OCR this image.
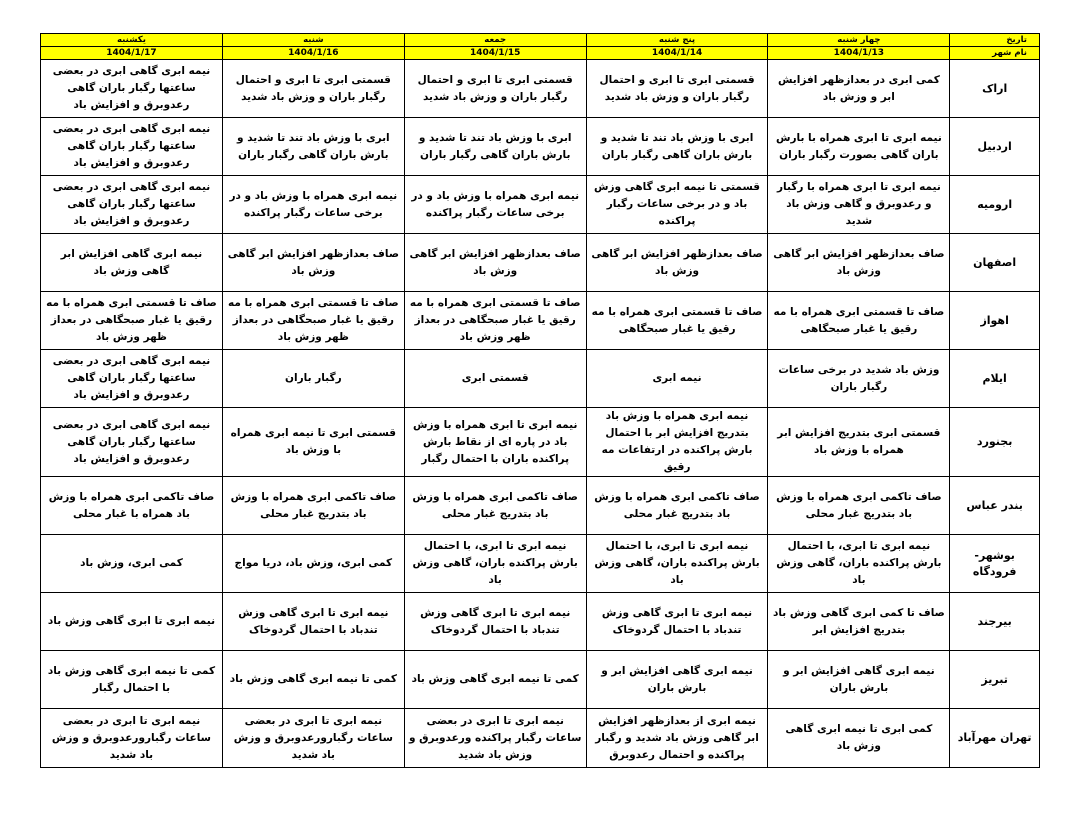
تاریخ	چهار شنبه	پنج شنبه	جمعه	شنبه	یکشنبه
نام شهر	1404/1/13	1404/1/14	1404/1/15	1404/1/16	1404/1/17
اراک	کمی ابری در بعدازظهر افزایش ابر و وزش باد	قسمتی ابری تا ابری و احتمال رگبار باران و وزش باد شدید	قسمتی ابری تا ابری و احتمال رگبار باران و وزش باد شدید	قسمتی ابری تا ابری و احتمال رگبار باران و وزش باد شدید	نیمه ابری گاهی ابری در بعضی ساعتها رگبار باران گاهی رعدوبرق و افزایش باد
اردبیل	نیمه ابری تا ابری همراه با بارش باران گاهی بصورت رگبار باران	ابری با وزش باد تند تا شدید و بارش باران گاهی رگبار باران	ابری با وزش باد تند تا شدید و بارش باران گاهی رگبار باران	ابری با وزش باد تند تا شدید و بارش باران گاهی رگبار باران	نیمه ابری گاهی ابری در بعضی ساعتها رگبار باران گاهی رعدوبرق و افزایش باد
ارومیه	نیمه ابری تا ابری همراه با رگبار و رعدوبرق و گاهی وزش باد شدید	قسمتی تا نیمه ابری گاهی وزش باد و در برخی ساعات رگبار پراکنده	نیمه ابری همراه با وزش باد و در برخی ساعات رگبار پراکنده	نیمه ابری همراه با وزش باد و در برخی ساعات رگبار پراکنده	نیمه ابری گاهی ابری در بعضی ساعتها رگبار باران گاهی رعدوبرق و افزایش باد
اصفهان	صاف بعدازظهر افزایش ابر گاهی وزش باد	صاف بعدازظهر افزایش ابر گاهی وزش باد	صاف بعدازظهر افزایش ابر گاهی وزش باد	صاف بعدازظهر افزایش ابر گاهی وزش باد	نیمه ابری گاهی افزایش ابر گاهی وزش باد
اهواز	صاف تا قسمتی ابری همراه با مه رقیق یا غبار صبحگاهی	صاف تا قسمتی ابری همراه با مه رقیق یا غبار صبحگاهی	صاف تا قسمتی ابری همراه با مه رقیق یا غبار صبحگاهی در بعداز ظهر وزش باد	صاف تا قسمتی ابری همراه با مه رقیق یا غبار صبحگاهی در بعداز ظهر وزش باد	صاف تا قسمتی ابری همراه با مه رقیق یا غبار صبحگاهی در بعداز ظهر وزش باد
ایلام	وزش باد شدید در برخی ساعات رگبار باران	نیمه ابری	قسمتی ابری	رگبار باران	نیمه ابری گاهی ابری در بعضی ساعتها رگبار باران گاهی رعدوبرق و افزایش باد
بجنورد	قسمتی ابری بتدریج افزایش ابر همراه با وزش باد	نیمه ابری همراه با وزش باد بتدریج افزایش ابر با احتمال بارش پراکنده در ارتفاعات مه رقیق	نیمه ابری تا ابری همراه با وزش باد در پاره ای از نقاط بارش پراکنده باران با احتمال رگبار	قسمتی ابری تا نیمه ابری همراه با وزش باد	نیمه ابری گاهی ابری در بعضی ساعتها رگبار باران گاهی رعدوبرق و افزایش باد
بندر عباس	صاف تاکمی ابری همراه با وزش باد بتدریج غبار محلی	صاف تاکمی ابری همراه با وزش باد بتدریج غبار محلی	صاف تاکمی ابری همراه با وزش باد بتدریج غبار محلی	صاف تاکمی ابری همراه با وزش باد بتدریج غبار محلی	صاف تاکمی ابری همراه با وزش باد همراه با غبار محلی
بوشهر- فرودگاه	نیمه ابری تا ابری، با احتمال بارش پراکنده باران، گاهی وزش باد	نیمه ابری تا ابری، با احتمال بارش پراکنده باران، گاهی وزش باد	نیمه ابری تا ابری، با احتمال بارش پراکنده باران، گاهی وزش باد	کمی ابری، وزش باد، دریا مواج	کمی ابری، وزش باد
بیرجند	صاف تا کمی ابری گاهی وزش باد بتدریج افزایش ابر	نیمه ابری تا ابری گاهی وزش تندباد با احتمال گردوخاک	نیمه ابری تا ابری گاهی وزش تندباد با احتمال گردوخاک	نیمه ابری تا ابری گاهی وزش تندباد با احتمال گردوخاک	نیمه ابری تا ابری گاهی وزش باد
تبریز	نیمه ابری گاهی افزایش ابر و بارش باران	نیمه ابری گاهی افزایش ابر و بارش باران	کمی تا نیمه ابری گاهی وزش باد	کمی تا نیمه ابری گاهی وزش باد	کمی تا نیمه ابری گاهی وزش باد با احتمال رگبار
تهران مهرآباد	کمی ابری تا نیمه ابری گاهی وزش باد	نیمه ابری از بعدازظهر افزایش ابر گاهی وزش باد شدید و رگبار پراکنده و احتمال رعدوبرق	نیمه ابری تا ابری در بعضی ساعات رگبار پراکنده ورعدوبرق و وزش باد شدید	نیمه ابری تا ابری در بعضی ساعات رگبارورعدوبرق و وزش باد شدید	نیمه ابری تا ابری در بعضی ساعات رگبارورعدوبرق و وزش باد شدید
